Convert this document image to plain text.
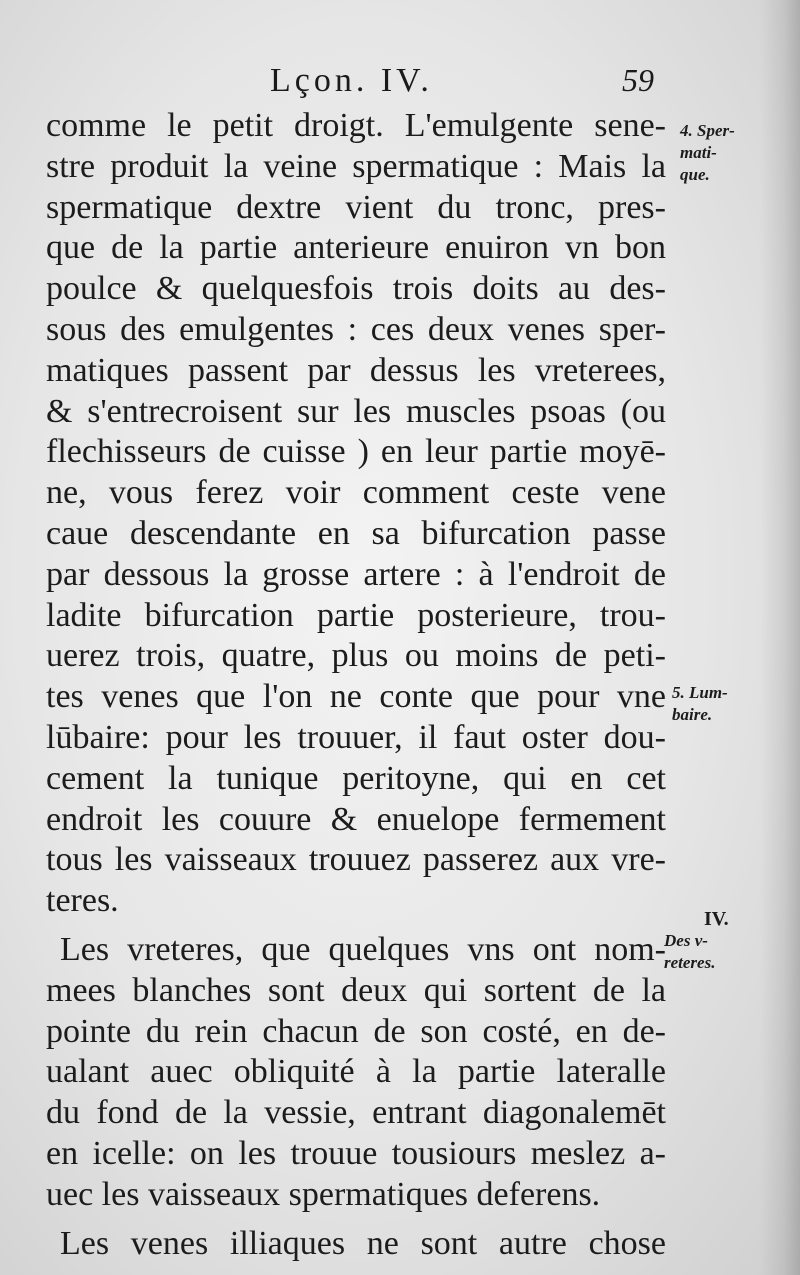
Lçon. IV.	59
comme le petit droigt. L'emulgente sene-
stre produit la veine spermatique : Mais la
spermatique dextre vient du tronc, pres-
que de la partie anterieure enuiron vn bon
poulce & quelquesfois trois doits au des-
sous des emulgentes : ces deux venes sper-
matiques passent par dessus les vreterees,
& s'entrecroisent sur les muscles psoas (ou
flechisseurs de cuisse ) en leur partie moyē-
ne, vous ferez voir comment ceste vene
caue descendante en sa bifurcation passe
par dessous la grosse artere : à l'endroit de
ladite bifurcation partie posterieure, trou-
uerez trois, quatre, plus ou moins de peti-
tes venes que l'on ne conte que pour vne
lūbaire: pour les trouuer, il faut oster dou-
cement la tunique peritoyne, qui en cet
endroit les couure & enuelope fermement
tous les vaisseaux trouuez passerez aux vre-
teres.
Les vreteres, que quelques vns ont nom-
mees blanches sont deux qui sortent de la
pointe du rein chacun de son costé, en de-
ualant auec obliquité à la partie lateralle
du fond de la vessie, entrant diagonalemēt
en icelle: on les trouue tousiours meslez a-
uec les vaisseaux spermatiques deferens.
Les venes illiaques ne sont autre chose
4. Sper-
mati-
que.
5. Lum-
baire.
IV.
Des v-
reteres.
